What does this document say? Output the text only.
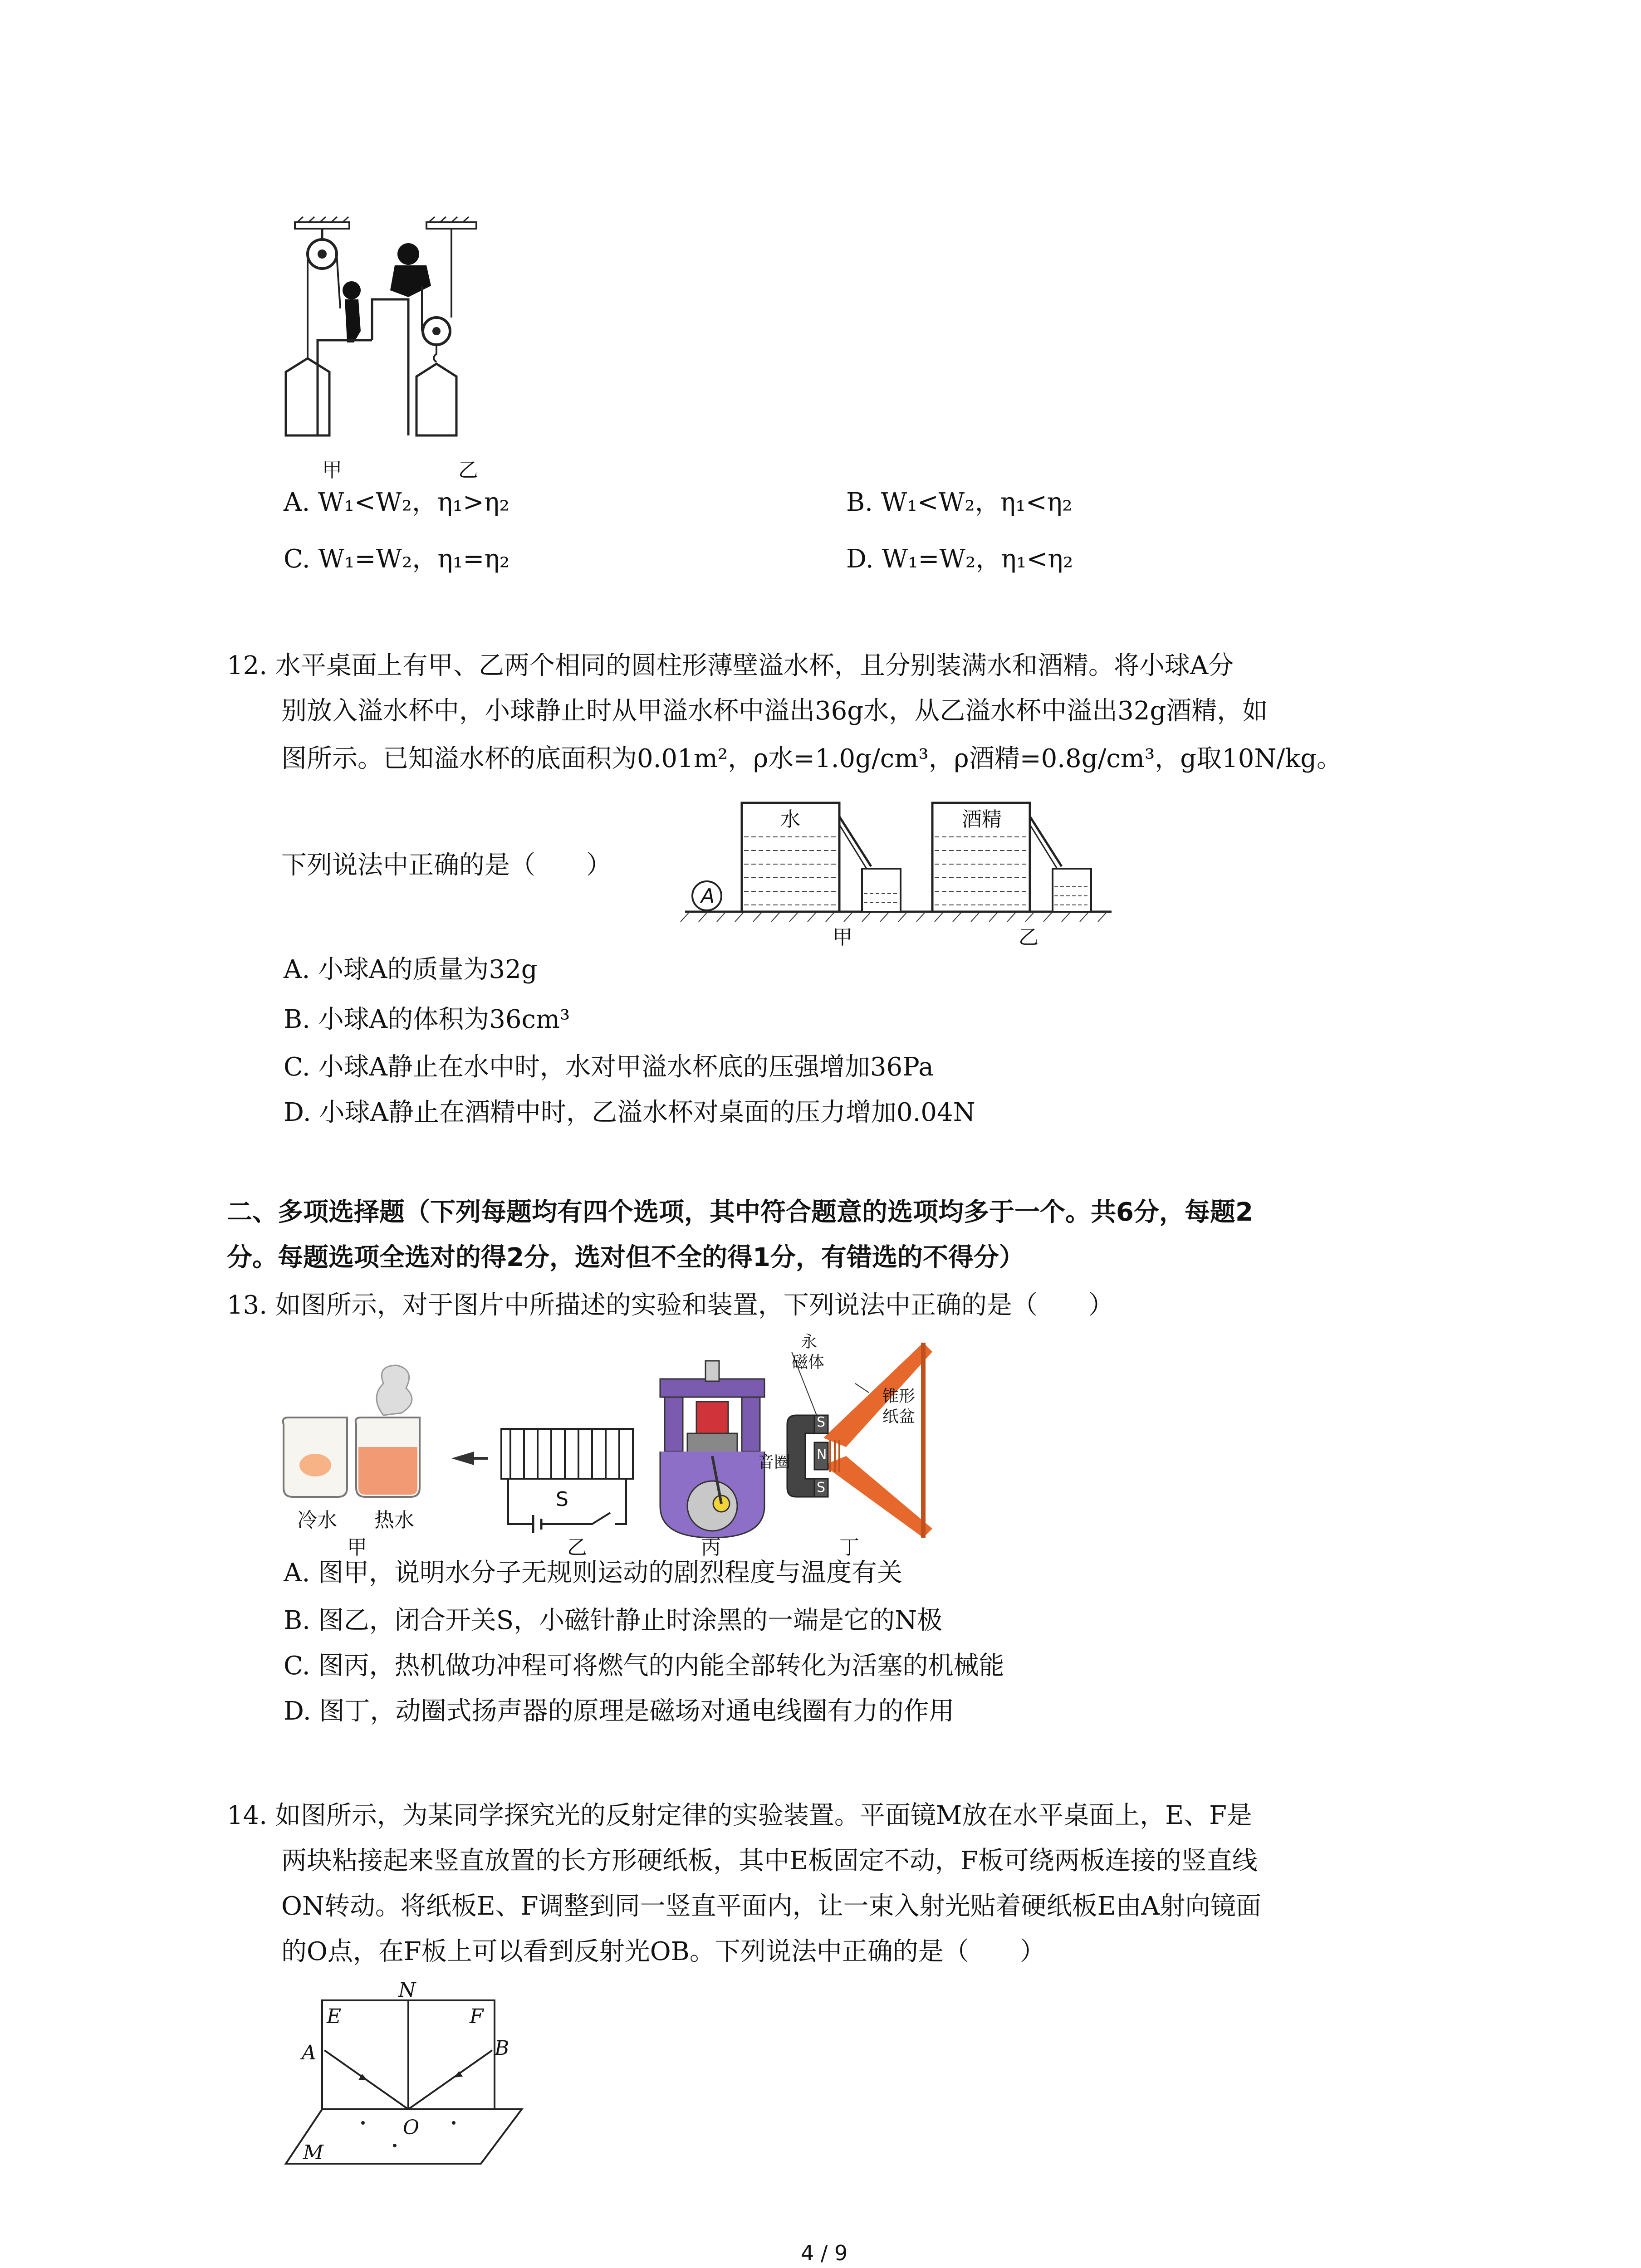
甲	乙
A. W₁<W₂，η₁>η₂	B. W₁<W₂，η₁<η₂
C. W₁=W₂，η₁=η₂	D. W₁=W₂，η₁<η₂
12. 水平桌面上有甲、乙两个相同的圆柱形薄壁溢水杯，且分别装满水和酒精。将小球A分
别放入溢水杯中，小球静止时从甲溢水杯中溢出36g水，从乙溢水杯中溢出32g酒精，如
图所示。已知溢水杯的底面积为0.01m²，ρ水=1.0g/cm³，ρ酒精=0.8g/cm³，g取10N/kg。
下列说法中正确的是（　　）
水	酒精
A
甲	乙
A. 小球A的质量为32g
B. 小球A的体积为36cm³
C. 小球A静止在水中时，水对甲溢水杯底的压强增加36Pa
D. 小球A静止在酒精中时，乙溢水杯对桌面的压力增加0.04N
二、多项选择题（下列每题均有四个选项，其中符合题意的选项均多于一个。共6分，每题2
分。每题选项全选对的得2分，选对但不全的得1分，有错选的不得分）
13. 如图所示，对于图片中所描述的实验和装置，下列说法中正确的是（　　）
冷水 热水
甲
S
乙	丙	丁
永
磁体
锥形
纸盆
音圈
S
N
S
A. 图甲，说明水分子无规则运动的剧烈程度与温度有关
B. 图乙，闭合开关S，小磁针静止时涂黑的一端是它的N极
C. 图丙，热机做功冲程可将燃气的内能全部转化为活塞的机械能
D. 图丁，动圈式扬声器的原理是磁场对通电线圈有力的作用
14. 如图所示，为某同学探究光的反射定律的实验装置。平面镜M放在水平桌面上，E、F是
两块粘接起来竖直放置的长方形硬纸板，其中E板固定不动，F板可绕两板连接的竖直线
ON转动。将纸板E、F调整到同一竖直平面内，让一束入射光贴着硬纸板E由A射向镜面
的O点，在F板上可以看到反射光OB。下列说法中正确的是（　　）
E
N
F
A	B
O
M
4 / 9
